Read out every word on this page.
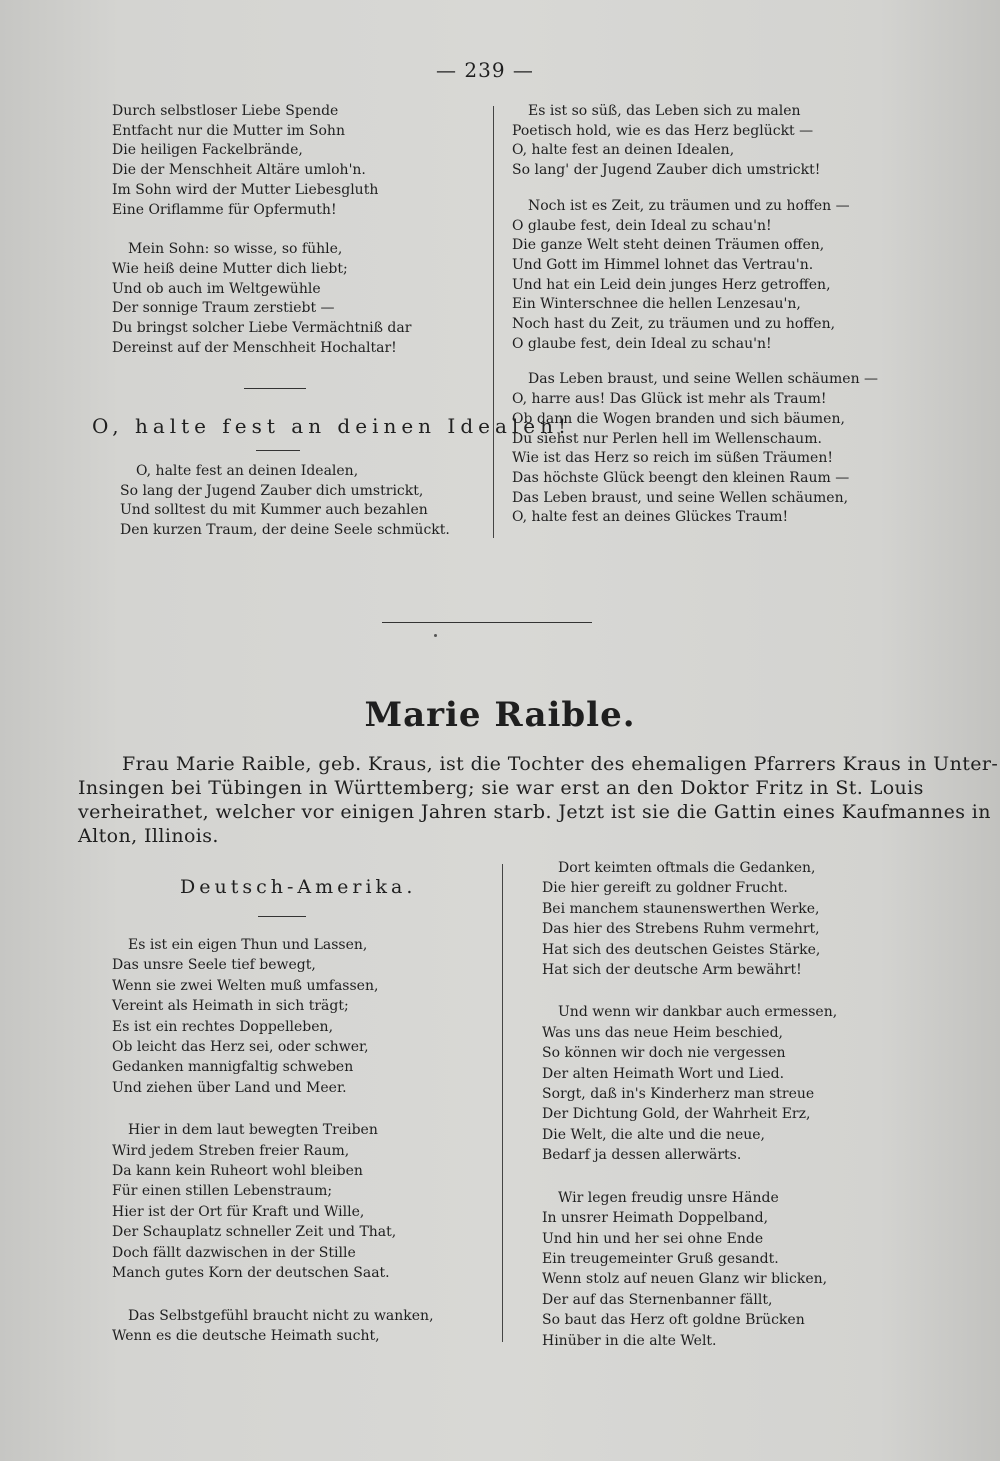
— 239 —
Durch selbstloser Liebe Spende
Entfacht nur die Mutter im Sohn
Die heiligen Fackelbrände,
Die der Menschheit Altäre umloh'n.
Im Sohn wird der Mutter Liebesgluth
Eine Oriflamme für Opfermuth!
Mein Sohn: so wisse, so fühle,
Wie heiß deine Mutter dich liebt;
Und ob auch im Weltgewühle
Der sonnige Traum zerstiebt —
Du bringst solcher Liebe Vermächtniß dar
Dereinst auf der Menschheit Hochaltar!
O, halte fest an deinen Idealen!
O, halte fest an deinen Idealen,
So lang der Jugend Zauber dich umstrickt,
Und solltest du mit Kummer auch bezahlen
Den kurzen Traum, der deine Seele schmückt.
Es ist so süß, das Leben sich zu malen
Poetisch hold, wie es das Herz beglückt —
O, halte fest an deinen Idealen,
So lang' der Jugend Zauber dich umstrickt!
Noch ist es Zeit, zu träumen und zu hoffen —
O glaube fest, dein Ideal zu schau'n!
Die ganze Welt steht deinen Träumen offen,
Und Gott im Himmel lohnet das Vertrau'n.
Und hat ein Leid dein junges Herz getroffen,
Ein Winterschnee die hellen Lenzesau'n,
Noch hast du Zeit, zu träumen und zu hoffen,
O glaube fest, dein Ideal zu schau'n!
Das Leben braust, und seine Wellen schäumen —
O, harre aus! Das Glück ist mehr als Traum!
Ob dann die Wogen branden und sich bäumen,
Du siehst nur Perlen hell im Wellenschaum.
Wie ist das Herz so reich im süßen Träumen!
Das höchste Glück beengt den kleinen Raum —
Das Leben braust, und seine Wellen schäumen,
O, halte fest an deines Glückes Traum!
Marie Raible.
Frau Marie Raible, geb. Kraus, ist die Tochter des ehemaligen Pfarrers Kraus in Unter-
Insingen bei Tübingen in Württemberg; sie war erst an den Doktor Fritz in St. Louis
verheirathet, welcher vor einigen Jahren starb. Jetzt ist sie die Gattin eines Kaufmannes in
Alton, Illinois.
Deutsch-Amerika.
Es ist ein eigen Thun und Lassen,
Das unsre Seele tief bewegt,
Wenn sie zwei Welten muß umfassen,
Vereint als Heimath in sich trägt;
Es ist ein rechtes Doppelleben,
Ob leicht das Herz sei, oder schwer,
Gedanken mannigfaltig schweben
Und ziehen über Land und Meer.
Hier in dem laut bewegten Treiben
Wird jedem Streben freier Raum,
Da kann kein Ruheort wohl bleiben
Für einen stillen Lebenstraum;
Hier ist der Ort für Kraft und Wille,
Der Schauplatz schneller Zeit und That,
Doch fällt dazwischen in der Stille
Manch gutes Korn der deutschen Saat.
Das Selbstgefühl braucht nicht zu wanken,
Wenn es die deutsche Heimath sucht,
Dort keimten oftmals die Gedanken,
Die hier gereift zu goldner Frucht.
Bei manchem staunenswerthen Werke,
Das hier des Strebens Ruhm vermehrt,
Hat sich des deutschen Geistes Stärke,
Hat sich der deutsche Arm bewährt!
Und wenn wir dankbar auch ermessen,
Was uns das neue Heim beschied,
So können wir doch nie vergessen
Der alten Heimath Wort und Lied.
Sorgt, daß in's Kinderherz man streue
Der Dichtung Gold, der Wahrheit Erz,
Die Welt, die alte und die neue,
Bedarf ja dessen allerwärts.
Wir legen freudig unsre Hände
In unsrer Heimath Doppelband,
Und hin und her sei ohne Ende
Ein treugemeinter Gruß gesandt.
Wenn stolz auf neuen Glanz wir blicken,
Der auf das Sternenbanner fällt,
So baut das Herz oft goldne Brücken
Hinüber in die alte Welt.
